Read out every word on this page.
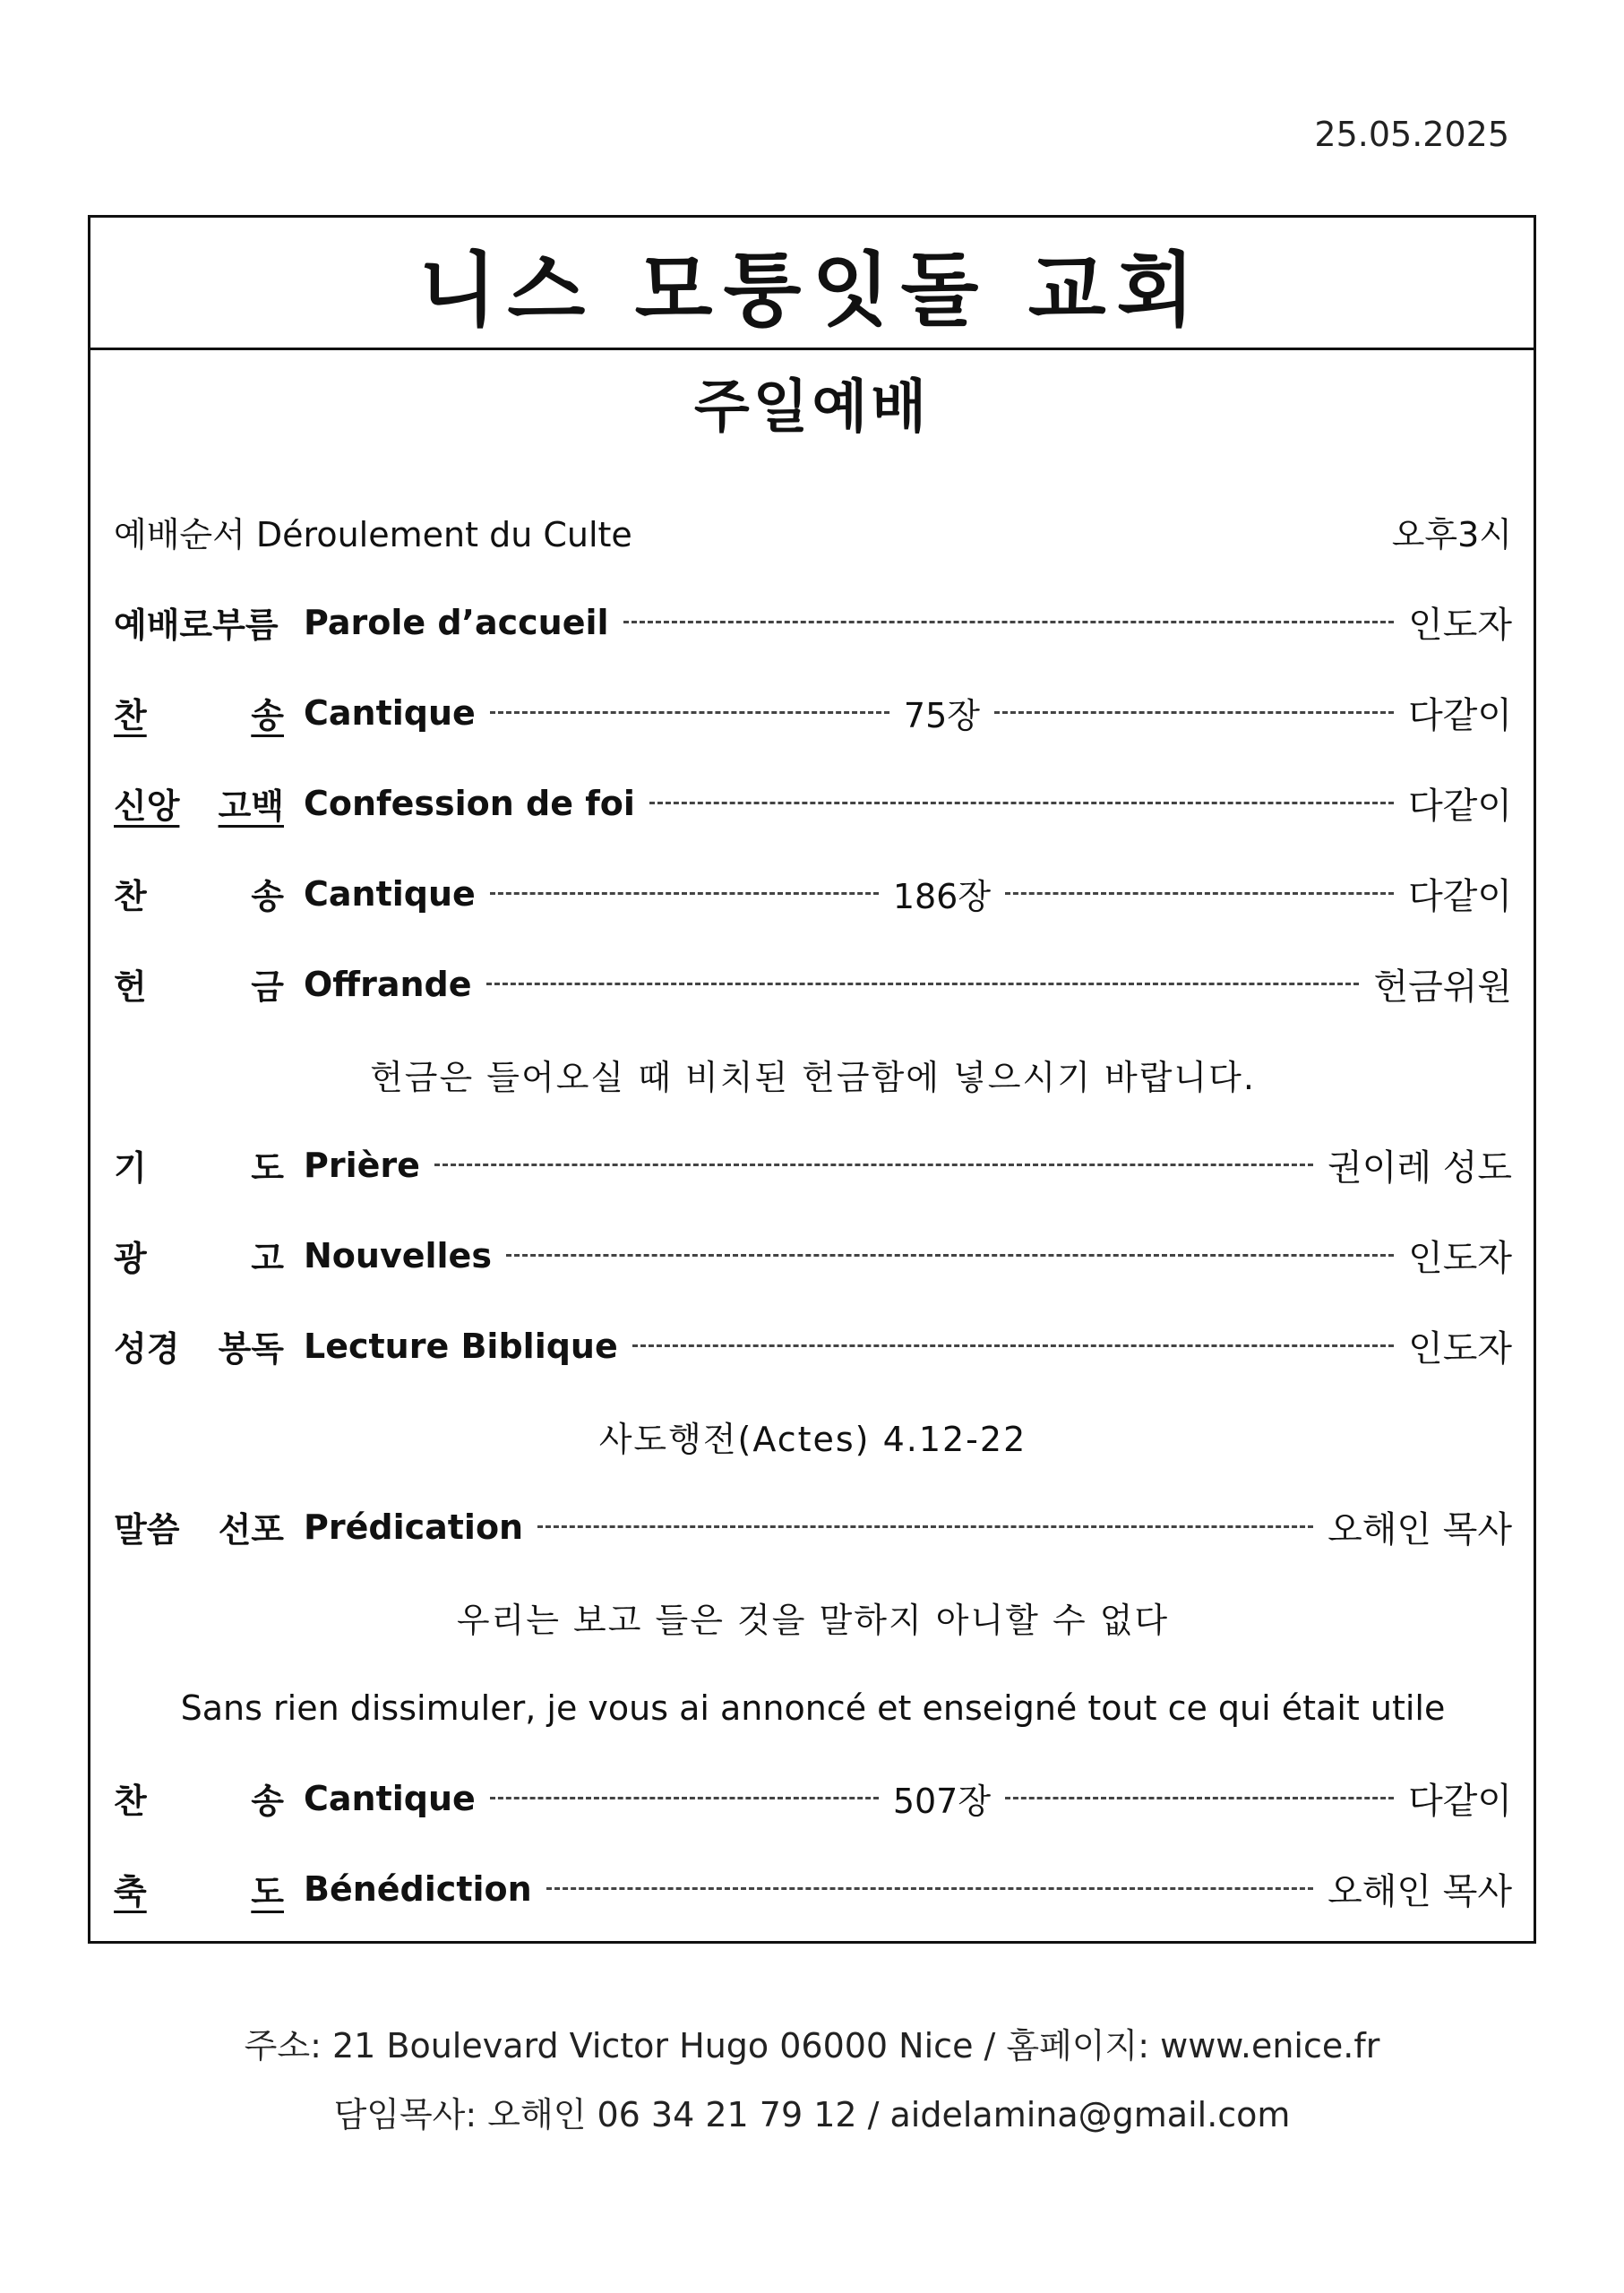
25.05.2025
니스 모퉁잇돌 교회
주일예배
예배순서 Déroulement du Culte	오후3시
예배로부름 Parole d’accueil	인도자
찬	송 Cantique	75장	다같이
신앙 고백 Confession de foi	다같이
찬	송 Cantique	186장	다같이
헌	금 Offrande	헌금위원
헌금은 들어오실 때 비치된 헌금함에 넣으시기 바랍니다.
기	도 Prière	권이레 성도
광	고 Nouvelles	인도자
성경 봉독 Lecture Biblique	인도자
사도행전(Actes) 4.12-22
말씀 선포 Prédication	오해인 목사
우리는 보고 들은 것을 말하지 아니할 수 없다
Sans rien dissimuler, je vous ai annoncé et enseigné tout ce qui était utile
찬	송 Cantique	507장	다같이
축	도 Bénédiction	오해인 목사
주소: 21 Boulevard Victor Hugo 06000 Nice / 홈페이지: www.enice.fr
담임목사: 오해인 06 34 21 79 12 / aidelamina@gmail.com
